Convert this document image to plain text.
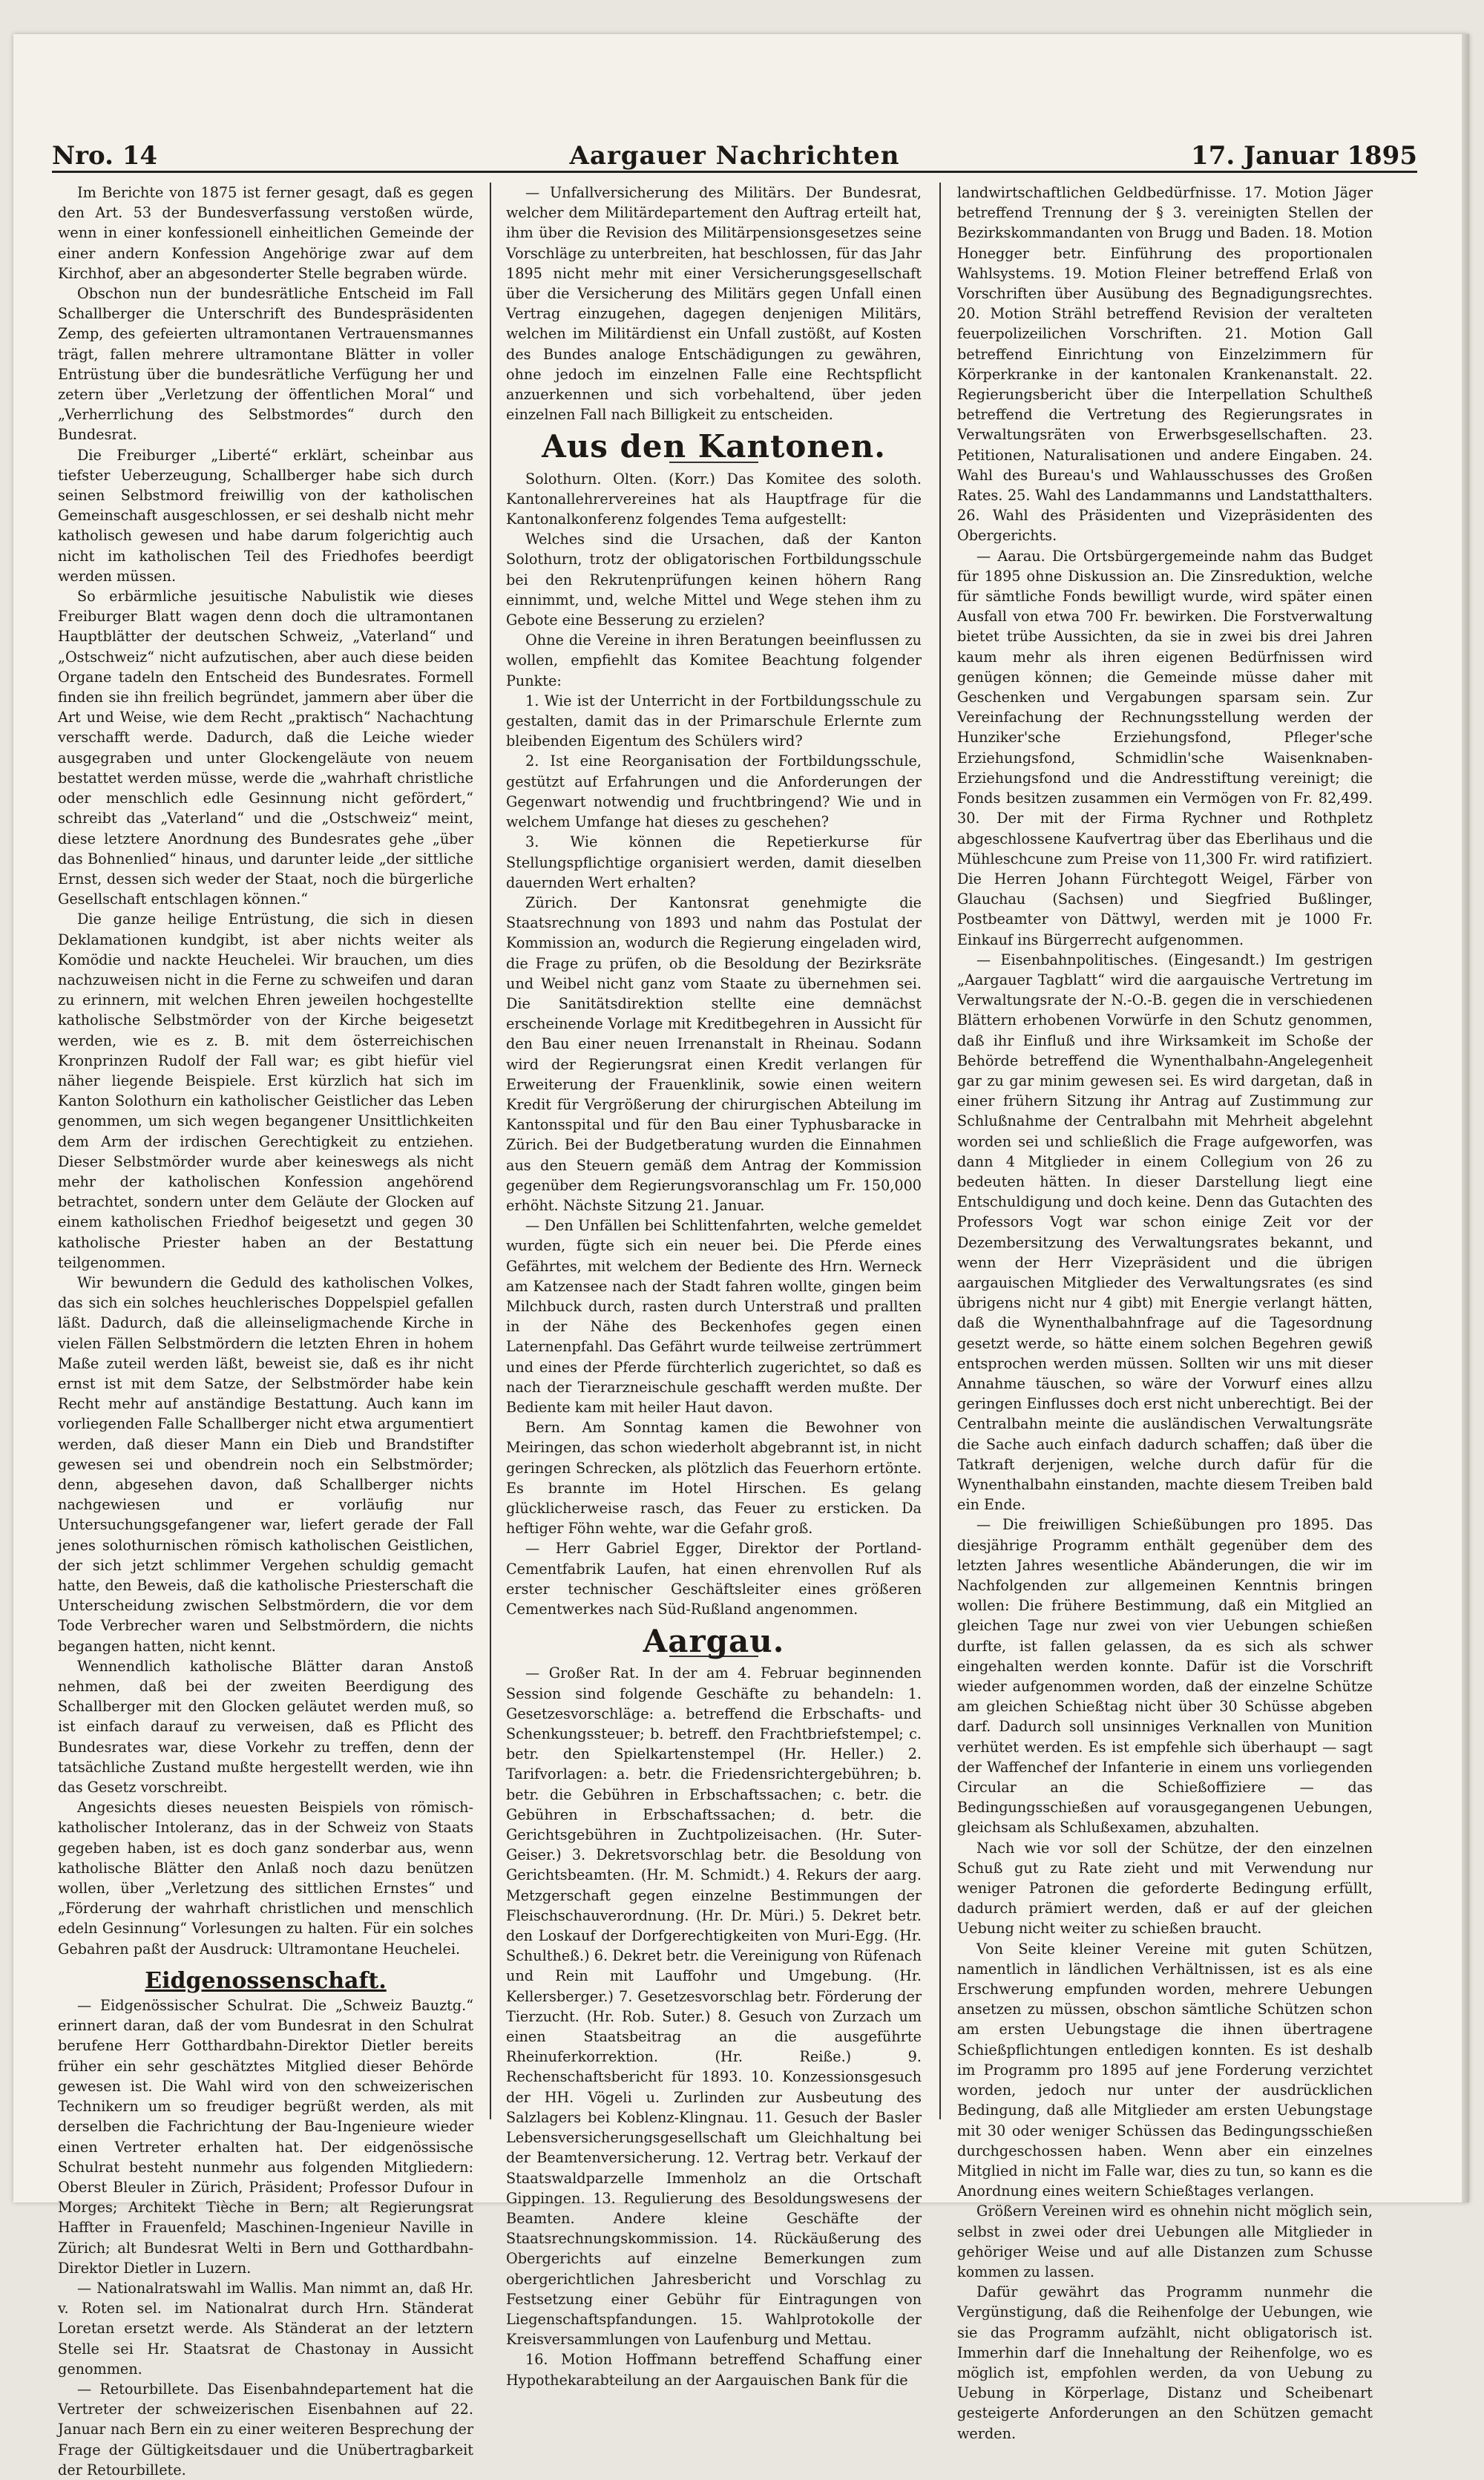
Nro. 14	Aargauer Nachrichten	17. Januar 1895

Im Berichte von 1875 ist ferner gesagt, daß es gegen den Art. 53 der Bundesverfassung verstoßen würde, wenn in einer konfessionell einheitlichen Gemeinde der einer andern Konfession Angehörige zwar auf dem Kirchhof, aber an abgesonderter Stelle begraben würde.

Obschon nun der bundesrätliche Entscheid im Fall Schallberger die Unterschrift des Bundespräsidenten Zemp, des gefeierten ultramontanen Vertrauensmannes trägt, fallen mehrere ultramontane Blätter in voller Entrüstung über die bundesrätliche Verfügung her und zetern über „Verletzung der öffentlichen Moral“ und „Verherrlichung des Selbstmordes“ durch den Bundesrat.

Die Freiburger „Liberté“ erklärt, scheinbar aus tiefster Ueberzeugung, Schallberger habe sich durch seinen Selbstmord freiwillig von der katholischen Gemeinschaft ausgeschlossen, er sei deshalb nicht mehr katholisch gewesen und habe darum folgerichtig auch nicht im katholischen Teil des Friedhofes beerdigt werden müssen.

So erbärmliche jesuitische Nabulistik wie dieses Freiburger Blatt wagen denn doch die ultramontanen Hauptblätter der deutschen Schweiz, „Vaterland“ und „Ostschweiz“ nicht aufzutischen, aber auch diese beiden Organe tadeln den Entscheid des Bundesrates. Formell finden sie ihn freilich begründet, jammern aber über die Art und Weise, wie dem Recht „praktisch“ Nachachtung verschafft werde. Dadurch, daß die Leiche wieder ausgegraben und unter Glockengeläute von neuem bestattet werden müsse, werde die „wahrhaft christliche oder menschlich edle Gesinnung nicht gefördert,“ schreibt das „Vaterland“ und die „Ostschweiz“ meint, diese letztere Anordnung des Bundesrates gehe „über das Bohnenlied“ hinaus, und darunter leide „der sittliche Ernst, dessen sich weder der Staat, noch die bürgerliche Gesellschaft entschlagen können.“

Die ganze heilige Entrüstung, die sich in diesen Deklamationen kundgibt, ist aber nichts weiter als Komödie und nackte Heuchelei. Wir brauchen, um dies nachzuweisen nicht in die Ferne zu schweifen und daran zu erinnern, mit welchen Ehren jeweilen hochgestellte katholische Selbstmörder von der Kirche beigesetzt werden, wie es z. B. mit dem österreichischen Kronprinzen Rudolf der Fall war; es gibt hiefür viel näher liegende Beispiele. Erst kürzlich hat sich im Kanton Solothurn ein katholischer Geistlicher das Leben genommen, um sich wegen begangener Unsittlichkeiten dem Arm der irdischen Gerechtigkeit zu entziehen. Dieser Selbstmörder wurde aber keineswegs als nicht mehr der katholischen Konfession angehörend betrachtet, sondern unter dem Geläute der Glocken auf einem katholischen Friedhof beigesetzt und gegen 30 katholische Priester haben an der Bestattung teilgenommen.

Wir bewundern die Geduld des katholischen Volkes, das sich ein solches heuchlerisches Doppelspiel gefallen läßt. Dadurch, daß die alleinseligmachende Kirche in vielen Fällen Selbstmördern die letzten Ehren in hohem Maße zuteil werden läßt, beweist sie, daß es ihr nicht ernst ist mit dem Satze, der Selbstmörder habe kein Recht mehr auf anständige Bestattung. Auch kann im vorliegenden Falle Schallberger nicht etwa argumentiert werden, daß dieser Mann ein Dieb und Brandstifter gewesen sei und obendrein noch ein Selbstmörder; denn, abgesehen davon, daß Schallberger nichts nachgewiesen und er vorläufig nur Untersuchungsgefangener war, liefert gerade der Fall jenes solothurnischen römisch katholischen Geistlichen, der sich jetzt schlimmer Vergehen schuldig gemacht hatte, den Beweis, daß die katholische Priesterschaft die Unterscheidung zwischen Selbstmördern, die vor dem Tode Verbrecher waren und Selbstmördern, die nichts begangen hatten, nicht kennt.

Wennendlich katholische Blätter daran Anstoß nehmen, daß bei der zweiten Beerdigung des Schallberger mit den Glocken geläutet werden muß, so ist einfach darauf zu verweisen, daß es Pflicht des Bundesrates war, diese Vorkehr zu treffen, denn der tatsächliche Zustand mußte hergestellt werden, wie ihn das Gesetz vorschreibt.

Angesichts dieses neuesten Beispiels von römisch-katholischer Intoleranz, das in der Schweiz von Staats gegeben haben, ist es doch ganz sonderbar aus, wenn katholische Blätter den Anlaß noch dazu benützen wollen, über „Verletzung des sittlichen Ernstes“ und „Förderung der wahrhaft christlichen und menschlich edeln Gesinnung“ Vorlesungen zu halten. Für ein solches Gebahren paßt der Ausdruck: Ultramontane Heuchelei.

Eidgenossenschaft.

— Eidgenössischer Schulrat. Die „Schweiz Bauztg.“ erinnert daran, daß der vom Bundesrat in den Schulrat berufene Herr Gotthardbahn-Direktor Dietler bereits früher ein sehr geschätztes Mitglied dieser Behörde gewesen ist. Die Wahl wird von den schweizerischen Technikern um so freudiger begrüßt werden, als mit derselben die Fachrichtung der Bau-Ingenieure wieder einen Vertreter erhalten hat. Der eidgenössische Schulrat besteht nunmehr aus folgenden Mitgliedern: Oberst Bleuler in Zürich, Präsident; Professor Dufour in Morges; Architekt Tièche in Bern; alt Regierungsrat Haffter in Frauenfeld; Maschinen-Ingenieur Naville in Zürich; alt Bundesrat Welti in Bern und Gotthardbahn-Direktor Dietler in Luzern.

— Nationalratswahl im Wallis. Man nimmt an, daß Hr. v. Roten sel. im Nationalrat durch Hrn. Ständerat Loretan ersetzt werde. Als Ständerat an der letztern Stelle sei Hr. Staatsrat de Chastonay in Aussicht genommen.

— Retourbillete. Das Eisenbahndepartement hat die Vertreter der schweizerischen Eisenbahnen auf 22. Januar nach Bern ein zu einer weiteren Besprechung der Frage der Gültigkeitsdauer und die Unübertragbarkeit der Retourbillete.

— Unfallversicherung des Militärs. Der Bundesrat, welcher dem Militärdepartement den Auftrag erteilt hat, ihm über die Revision des Militärpensionsgesetzes seine Vorschläge zu unterbreiten, hat beschlossen, für das Jahr 1895 nicht mehr mit einer Versicherungsgesellschaft über die Versicherung des Militärs gegen Unfall einen Vertrag einzugehen, dagegen denjenigen Militärs, welchen im Militärdienst ein Unfall zustößt, auf Kosten des Bundes analoge Entschädigungen zu gewähren, ohne jedoch im einzelnen Falle eine Rechtspflicht anzuerkennen und sich vorbehaltend, über jeden einzelnen Fall nach Billigkeit zu entscheiden.

Aus den Kantonen.

Solothurn. Olten. (Korr.) Das Komitee des soloth. Kantonallehrervereines hat als Hauptfrage für die Kantonalkonferenz folgendes Tema aufgestellt:

Welches sind die Ursachen, daß der Kanton Solothurn, trotz der obligatorischen Fortbildungsschule bei den Rekrutenprüfungen keinen höhern Rang einnimmt, und, welche Mittel und Wege stehen ihm zu Gebote eine Besserung zu erzielen?

Ohne die Vereine in ihren Beratungen beeinflussen zu wollen, empfiehlt das Komitee Beachtung folgender Punkte:

1. Wie ist der Unterricht in der Fortbildungsschule zu gestalten, damit das in der Primarschule Erlernte zum bleibenden Eigentum des Schülers wird?
2. Ist eine Reorganisation der Fortbildungsschule, gestützt auf Erfahrungen und die Anforderungen der Gegenwart notwendig und fruchtbringend? Wie und in welchem Umfange hat dieses zu geschehen?
3. Wie können die Repetierkurse für Stellungspflichtige organisiert werden, damit dieselben dauernden Wert erhalten?

Zürich. Der Kantonsrat genehmigte die Staatsrechnung von 1893 und nahm das Postulat der Kommission an, wodurch die Regierung eingeladen wird, die Frage zu prüfen, ob die Besoldung der Bezirksräte und Weibel nicht ganz vom Staate zu übernehmen sei. Die Sanitätsdirektion stellte eine demnächst erscheinende Vorlage mit Kreditbegehren in Aussicht für den Bau einer neuen Irrenanstalt in Rheinau. Sodann wird der Regierungsrat einen Kredit verlangen für Erweiterung der Frauenklinik, sowie einen weitern Kredit für Vergrößerung der chirurgischen Abteilung im Kantonsspital und für den Bau einer Typhusbaracke in Zürich. Bei der Budgetberatung wurden die Einnahmen aus den Steuern gemäß dem Antrag der Kommission gegenüber dem Regierungsvoranschlag um Fr. 150,000 erhöht. Nächste Sitzung 21. Januar.

— Den Unfällen bei Schlittenfahrten, welche gemeldet wurden, fügte sich ein neuer bei. Die Pferde eines Gefährtes, mit welchem der Bediente des Hrn. Werneck am Katzensee nach der Stadt fahren wollte, gingen beim Milchbuck durch, rasten durch Unterstraß und prallten in der Nähe des Beckenhofes gegen einen Laternenpfahl. Das Gefährt wurde teilweise zertrümmert und eines der Pferde fürchterlich zugerichtet, so daß es nach der Tierarzneischule geschafft werden mußte. Der Bediente kam mit heiler Haut davon.

Bern. Am Sonntag kamen die Bewohner von Meiringen, das schon wiederholt abgebrannt ist, in nicht geringen Schrecken, als plötzlich das Feuerhorn ertönte. Es brannte im Hotel Hirschen. Es gelang glücklicherweise rasch, das Feuer zu ersticken. Da heftiger Föhn wehte, war die Gefahr groß.

— Herr Gabriel Egger, Direktor der Portland-Cementfabrik Laufen, hat einen ehrenvollen Ruf als erster technischer Geschäftsleiter eines größeren Cementwerkes nach Süd-Rußland angenommen.

Aargau.

— Großer Rat. In der am 4. Februar beginnenden Session sind folgende Geschäfte zu behandeln: 1. Gesetzesvorschläge: a. betreffend die Erbschafts- und Schenkungssteuer; b. betreff. den Frachtbriefstempel; c. betr. den Spielkartenstempel (Hr. Heller.) 2. Tarifvorlagen: a. betr. die Friedensrichtergebühren; b. betr. die Gebühren in Erbschaftssachen; c. betr. die Gebühren in Erbschaftssachen; d. betr. die Gerichtsgebühren in Zuchtpolizeisachen. (Hr. Suter-Geiser.) 3. Dekretsvorschlag betr. die Besoldung von Gerichtsbeamten. (Hr. M. Schmidt.) 4. Rekurs der aarg. Metzgerschaft gegen einzelne Bestimmungen der Fleischschauverordnung. (Hr. Dr. Müri.) 5. Dekret betr. den Loskauf der Dorfgerechtigkeiten von Muri-Egg. (Hr. Schultheß.) 6. Dekret betr. die Vereinigung von Rüfenach und Rein mit Lauffohr und Umgebung. (Hr. Kellersberger.) 7. Gesetzesvorschlag betr. Förderung der Tierzucht. (Hr. Rob. Suter.) 8. Gesuch von Zurzach um einen Staatsbeitrag an die ausgeführte Rheinuferkorrektion. (Hr. Reiße.) 9. Rechenschaftsbericht für 1893. 10. Konzessionsgesuch der HH. Vögeli u. Zurlinden zur Ausbeutung des Salzlagers bei Koblenz-Klingnau. 11. Gesuch der Basler Lebensversicherungsgesellschaft um Gleichhaltung bei der Beamtenversicherung. 12. Vertrag betr. Verkauf der Staatswaldparzelle Immenholz an die Ortschaft Gippingen. 13. Regulierung des Besoldungswesens der Beamten. Andere kleine Geschäfte der Staatsrechnungskommission. 14. Rückäußerung des Obergerichts auf einzelne Bemerkungen zum obergerichtlichen Jahresbericht und Vorschlag zu Festsetzung einer Gebühr für Eintragungen von Liegenschaftspfandungen. 15. Wahlprotokolle der Kreisversammlungen von Laufenburg und Mettau.

16. Motion Hoffmann betreffend Schaffung einer Hypothekarabteilung an der Aargauischen Bank für die

landwirtschaftlichen Geldbedürfnisse. 17. Motion Jäger betreffend Trennung der § 3. vereinigten Stellen der Bezirkskommandanten von Brugg und Baden. 18. Motion Honegger betr. Einführung des proportionalen Wahlsystems. 19. Motion Fleiner betreffend Erlaß von Vorschriften über Ausübung des Begnadigungsrechtes. 20. Motion Strähl betreffend Revision der veralteten feuerpolizeilichen Vorschriften. 21. Motion Gall betreffend Einrichtung von Einzelzimmern für Körperkranke in der kantonalen Krankenanstalt. 22. Regierungsbericht über die Interpellation Schultheß betreffend die Vertretung des Regierungsrates in Verwaltungsräten von Erwerbsgesellschaften. 23. Petitionen, Naturalisationen und andere Eingaben. 24. Wahl des Bureau's und Wahlausschusses des Großen Rates. 25. Wahl des Landammanns und Landstatthalters. 26. Wahl des Präsidenten und Vizepräsidenten des Obergerichts.

— Aarau. Die Ortsbürgergemeinde nahm das Budget für 1895 ohne Diskussion an. Die Zinsreduktion, welche für sämtliche Fonds bewilligt wurde, wird später einen Ausfall von etwa 700 Fr. bewirken. Die Forstverwaltung bietet trübe Aussichten, da sie in zwei bis drei Jahren kaum mehr als ihren eigenen Bedürfnissen wird genügen können; die Gemeinde müsse daher mit Geschenken und Vergabungen sparsam sein. Zur Vereinfachung der Rechnungsstellung werden der Hunziker'sche Erziehungsfond, Pfleger'sche Erziehungsfond, Schmidlin'sche Waisenknaben-Erziehungsfond und die Andresstiftung vereinigt; die Fonds besitzen zusammen ein Vermögen von Fr. 82,499. 30. Der mit der Firma Rychner und Rothpletz abgeschlossene Kaufvertrag über das Eberlihaus und die Mühleschcune zum Preise von 11,300 Fr. wird ratifiziert. Die Herren Johann Fürchtegott Weigel, Färber von Glauchau (Sachsen) und Siegfried Bußlinger, Postbeamter von Dättwyl, werden mit je 1000 Fr. Einkauf ins Bürgerrecht aufgenommen.

— Eisenbahnpolitisches. (Eingesandt.) Im gestrigen „Aargauer Tagblatt“ wird die aargauische Vertretung im Verwaltungsrate der N.-O.-B. gegen die in verschiedenen Blättern erhobenen Vorwürfe in den Schutz genommen, daß ihr Einfluß und ihre Wirksamkeit im Schoße der Behörde betreffend die Wynenthalbahn-Angelegenheit gar zu gar minim gewesen sei. Es wird dargetan, daß in einer frühern Sitzung ihr Antrag auf Zustimmung zur Schlußnahme der Centralbahn mit Mehrheit abgelehnt worden sei und schließlich die Frage aufgeworfen, was dann 4 Mitglieder in einem Collegium von 26 zu bedeuten hätten. In dieser Darstellung liegt eine Entschuldigung und doch keine. Denn das Gutachten des Professors Vogt war schon einige Zeit vor der Dezembersitzung des Verwaltungsrates bekannt, und wenn der Herr Vizepräsident und die übrigen aargauischen Mitglieder des Verwaltungsrates (es sind übrigens nicht nur 4 gibt) mit Energie verlangt hätten, daß die Wynenthalbahnfrage auf die Tagesordnung gesetzt werde, so hätte einem solchen Begehren gewiß entsprochen werden müssen. Sollten wir uns mit dieser Annahme täuschen, so wäre der Vorwurf eines allzu geringen Einflusses doch erst nicht unberechtigt. Bei der Centralbahn meinte die ausländischen Verwaltungsräte die Sache auch einfach dadurch schaffen; daß über die Tatkraft derjenigen, welche durch dafür für die Wynenthalbahn einstanden, machte diesem Treiben bald ein Ende.

— Die freiwilligen Schießübungen pro 1895. Das diesjährige Programm enthält gegenüber dem des letzten Jahres wesentliche Abänderungen, die wir im Nachfolgenden zur allgemeinen Kenntnis bringen wollen: Die frühere Bestimmung, daß ein Mitglied an gleichen Tage nur zwei von vier Uebungen schießen durfte, ist fallen gelassen, da es sich als schwer eingehalten werden konnte. Dafür ist die Vorschrift wieder aufgenommen worden, daß der einzelne Schütze am gleichen Schießtag nicht über 30 Schüsse abgeben darf. Dadurch soll unsinniges Verknallen von Munition verhütet werden. Es ist empfehle sich überhaupt — sagt der Waffenchef der Infanterie in einem uns vorliegenden Circular an die Schießoffiziere — das Bedingungsschießen auf vorausgegangenen Uebungen, gleichsam als Schlußexamen, abzuhalten.

Nach wie vor soll der Schütze, der den einzelnen Schuß gut zu Rate zieht und mit Verwendung nur weniger Patronen die geforderte Bedingung erfüllt, dadurch prämiert werden, daß er auf der gleichen Uebung nicht weiter zu schießen braucht.

Von Seite kleiner Vereine mit guten Schützen, namentlich in ländlichen Verhältnissen, ist es als eine Erschwerung empfunden worden, mehrere Uebungen ansetzen zu müssen, obschon sämtliche Schützen schon am ersten Uebungstage die ihnen übertragene Schießpflichtungen entledigen konnten. Es ist deshalb im Programm pro 1895 auf jene Forderung verzichtet worden, jedoch nur unter der ausdrücklichen Bedingung, daß alle Mitglieder am ersten Uebungstage mit 30 oder weniger Schüssen das Bedingungsschießen durchgeschossen haben. Wenn aber ein einzelnes Mitglied in nicht im Falle war, dies zu tun, so kann es die Anordnung eines weitern Schießtages verlangen.

Größern Vereinen wird es ohnehin nicht möglich sein, selbst in zwei oder drei Uebungen alle Mitglieder in gehöriger Weise und auf alle Distanzen zum Schusse kommen zu lassen.

Dafür gewährt das Programm nunmehr die Vergünstigung, daß die Reihenfolge der Uebungen, wie sie das Programm aufzählt, nicht obligatorisch ist. Immerhin darf die Innehaltung der Reihenfolge, wo es möglich ist, empfohlen werden, da von Uebung zu Uebung in Körperlage, Distanz und Scheibenart gesteigerte Anforderungen an den Schützen gemacht werden.
